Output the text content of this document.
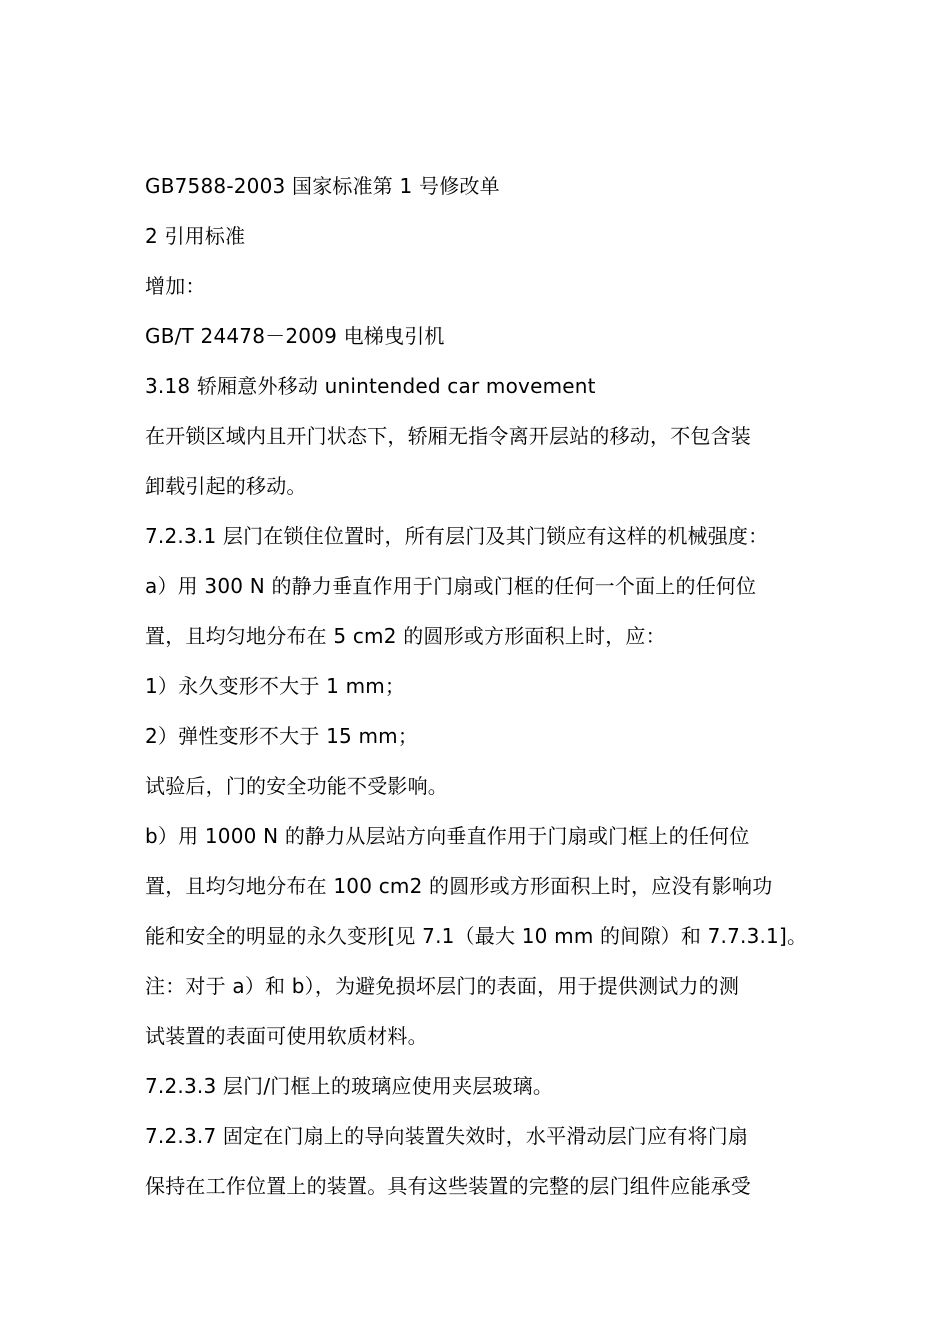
GB7588-2003 国家标准第 1 号修改单
2 引用标准
增加：
GB/T 24478－2009 电梯曳引机
3.18 轿厢意外移动 unintended car movement
在开锁区域内且开门状态下，轿厢无指令离开层站的移动，不包含装
卸载引起的移动。
7.2.3.1 层门在锁住位置时，所有层门及其门锁应有这样的机械强度：
a）用 300 N 的静力垂直作用于门扇或门框的任何一个面上的任何位
置，且均匀地分布在 5 cm2 的圆形或方形面积上时，应：
1）永久变形不大于 1 mm；
2）弹性变形不大于 15 mm；
试验后，门的安全功能不受影响。
b）用 1000 N 的静力从层站方向垂直作用于门扇或门框上的任何位
置，且均匀地分布在 100 cm2 的圆形或方形面积上时，应没有影响功
能和安全的明显的永久变形[见 7.1（最大 10 mm 的间隙）和 7.7.3.1]。
注：对于 a）和 b），为避免损坏层门的表面，用于提供测试力的测
试装置的表面可使用软质材料。
7.2.3.3 层门/门框上的玻璃应使用夹层玻璃。
7.2.3.7 固定在门扇上的导向装置失效时，水平滑动层门应有将门扇
保持在工作位置上的装置。具有这些装置的完整的层门组件应能承受
